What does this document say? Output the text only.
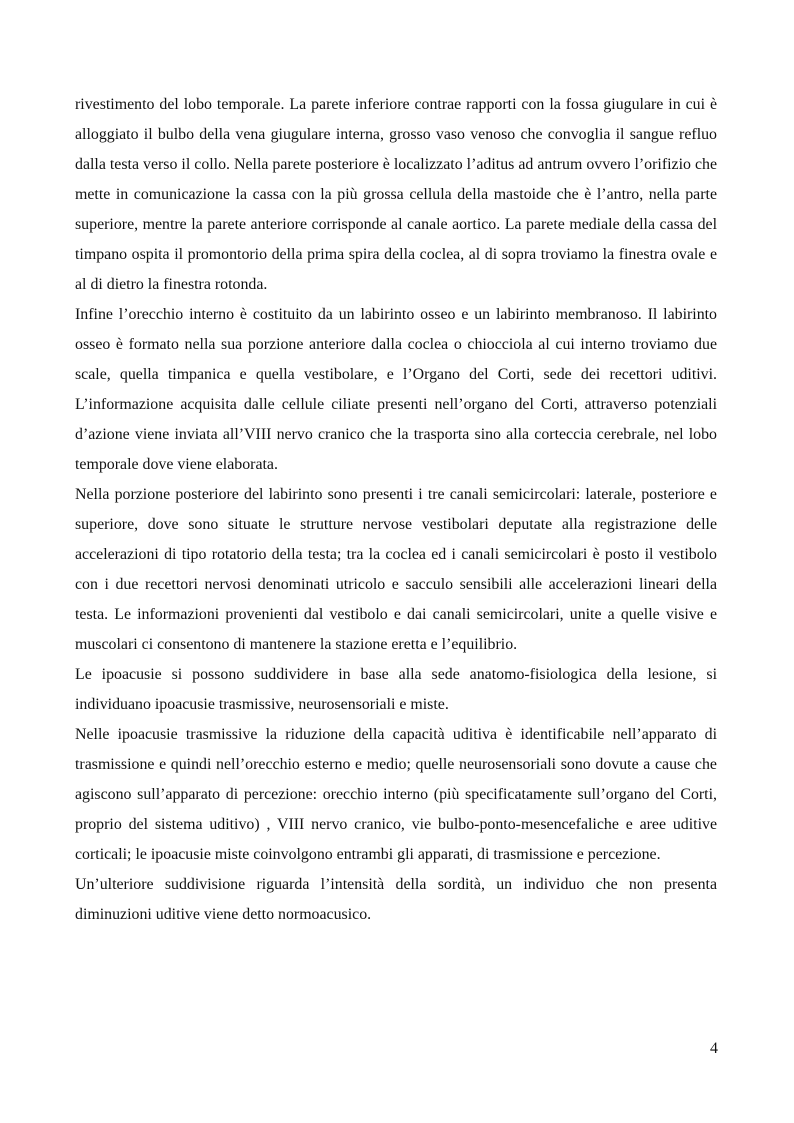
rivestimento del lobo temporale. La parete inferiore contrae rapporti con la fossa giugulare in cui è alloggiato il bulbo della vena giugulare interna, grosso vaso venoso che convoglia il sangue refluo dalla testa verso il collo. Nella parete posteriore è localizzato l’aditus ad antrum ovvero l’orifizio che mette in comunicazione la cassa con la più grossa cellula della mastoide che è l’antro, nella parte superiore, mentre la parete anteriore corrisponde al canale aortico. La parete mediale della cassa del timpano ospita il promontorio della prima spira della coclea, al di sopra troviamo la finestra ovale e al di dietro la finestra rotonda.

Infine l’orecchio interno è costituito da un labirinto osseo e un labirinto membranoso. Il labirinto osseo è formato nella sua porzione anteriore dalla coclea o chiocciola al cui interno troviamo due scale, quella timpanica e quella vestibolare, e l’Organo del Corti, sede dei recettori uditivi. L’informazione acquisita dalle cellule ciliate presenti nell’organo del Corti, attraverso potenziali d’azione viene inviata all’VIII nervo cranico che la trasporta sino alla corteccia cerebrale, nel lobo temporale dove viene elaborata.

Nella porzione posteriore del labirinto sono presenti i tre canali semicircolari: laterale, posteriore e superiore, dove sono situate le strutture nervose vestibolari deputate alla registrazione delle accelerazioni di tipo rotatorio della testa; tra la coclea ed i canali semicircolari è posto il vestibolo con i due recettori nervosi denominati utricolo e sacculo sensibili alle accelerazioni lineari della testa. Le informazioni provenienti dal vestibolo e dai canali semicircolari, unite a quelle visive e muscolari ci consentono di mantenere la stazione eretta e l’equilibrio.

Le ipoacusie si possono suddividere in base alla sede anatomo-fisiologica della lesione, si individuano ipoacusie trasmissive, neurosensoriali e miste.

Nelle ipoacusie trasmissive la riduzione della capacità uditiva è identificabile nell’apparato di trasmissione e quindi nell’orecchio esterno e medio; quelle neurosensoriali sono dovute a cause che agiscono sull’apparato di percezione: orecchio interno (più specificatamente sull’organo del Corti, proprio del sistema uditivo) , VIII nervo cranico, vie bulbo-ponto-mesencefaliche e aree uditive corticali; le ipoacusie miste coinvolgono entrambi gli apparati, di trasmissione e percezione.

Un’ulteriore suddivisione riguarda l’intensità della sordità, un individuo che non presenta diminuzioni uditive viene detto normoacusico.

4
